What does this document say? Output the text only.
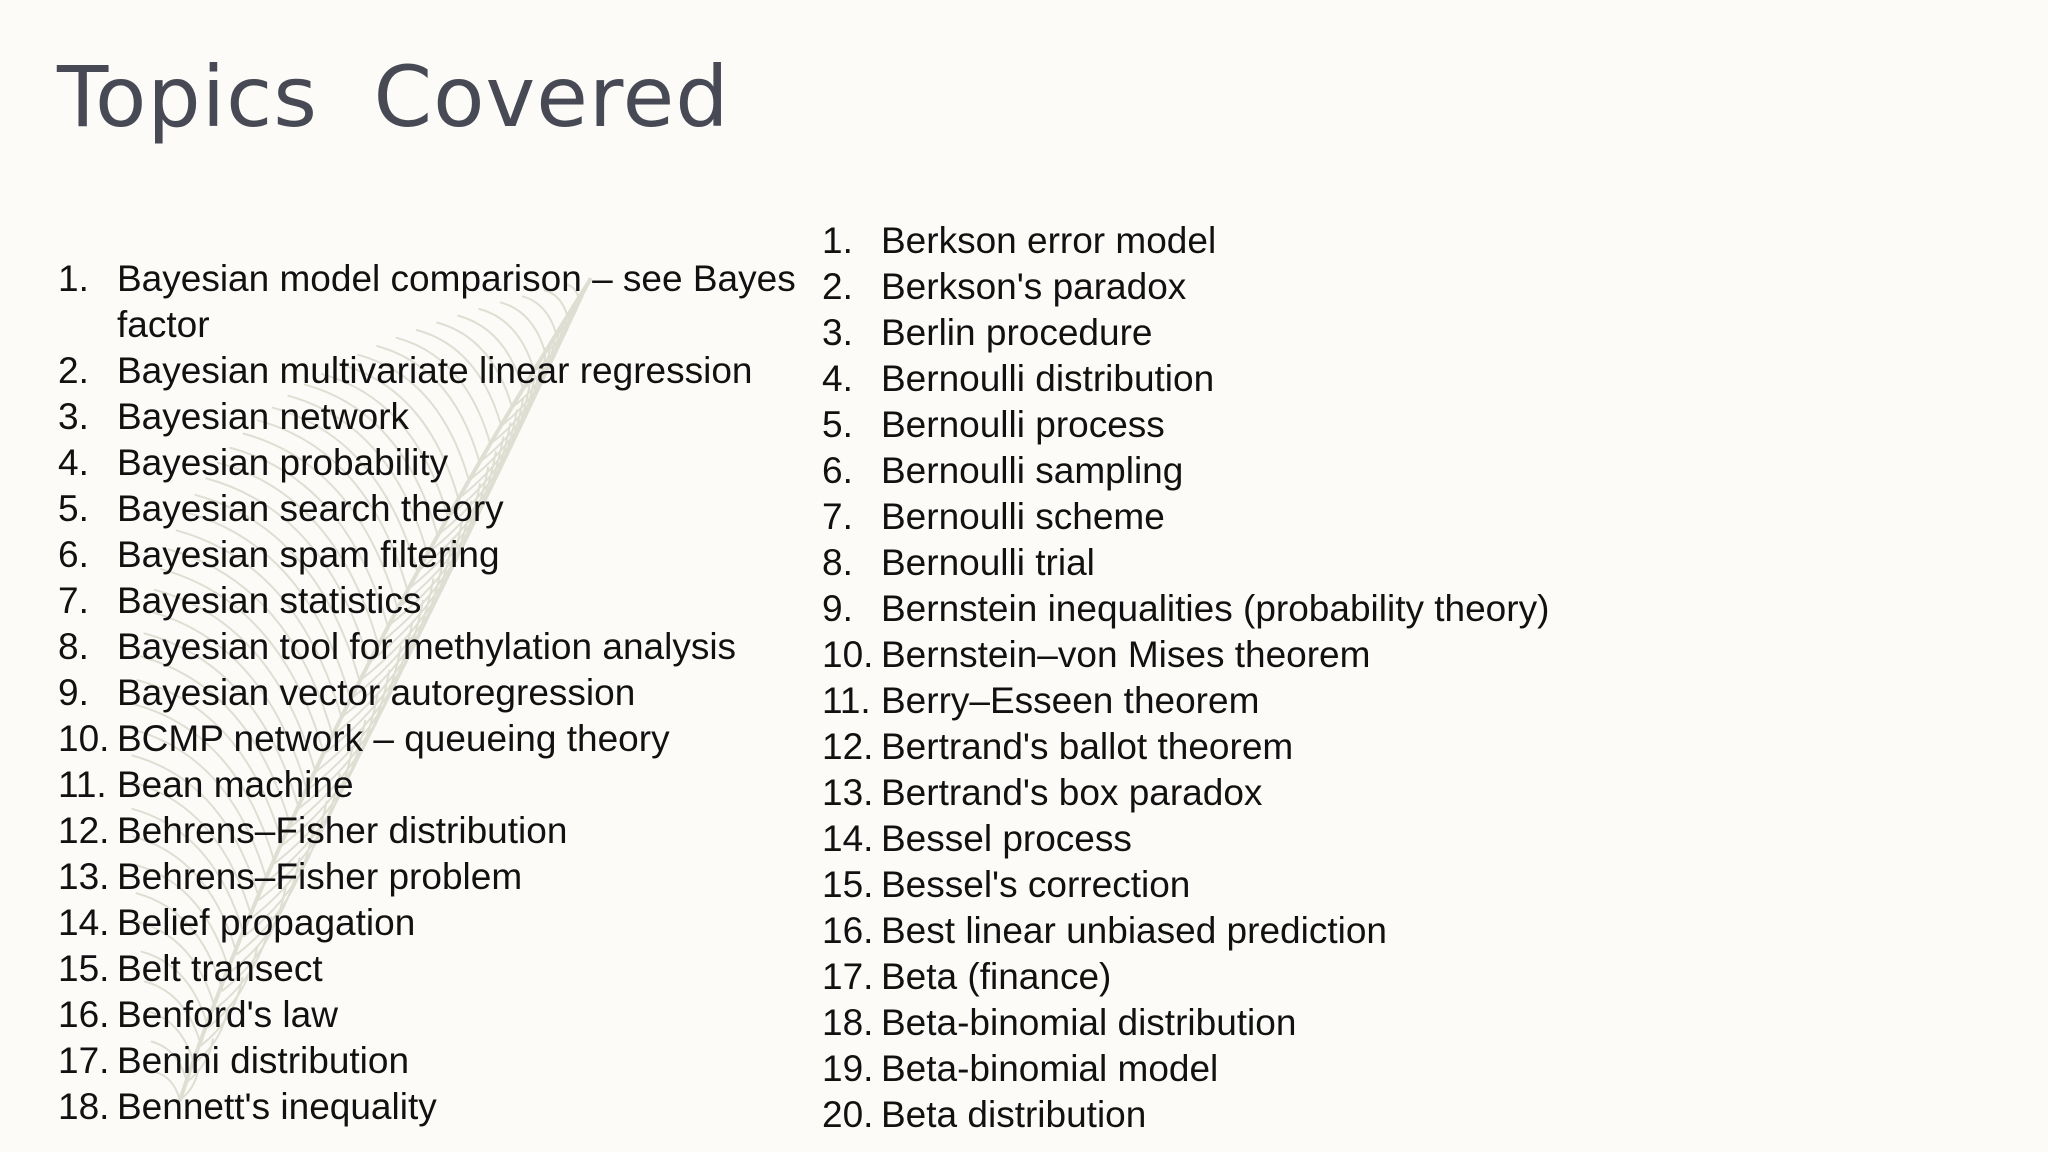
Topics  Covered
1. Bayesian model comparison – see Bayes factor
2. Bayesian multivariate linear regression
3. Bayesian network
4. Bayesian probability
5. Bayesian search theory
6. Bayesian spam filtering
7. Bayesian statistics
8. Bayesian tool for methylation analysis
9. Bayesian vector autoregression
10. BCMP network – queueing theory
11. Bean machine
12. Behrens–Fisher distribution
13. Behrens–Fisher problem
14. Belief propagation
15. Belt transect
16. Benford's law
17. Benini distribution
18. Bennett's inequality
1. Berkson error model
2. Berkson's paradox
3. Berlin procedure
4. Bernoulli distribution
5. Bernoulli process
6. Bernoulli sampling
7. Bernoulli scheme
8. Bernoulli trial
9. Bernstein inequalities (probability theory)
10. Bernstein–von Mises theorem
11. Berry–Esseen theorem
12. Bertrand's ballot theorem
13. Bertrand's box paradox
14. Bessel process
15. Bessel's correction
16. Best linear unbiased prediction
17. Beta (finance)
18. Beta-binomial distribution
19. Beta-binomial model
20. Beta distribution
